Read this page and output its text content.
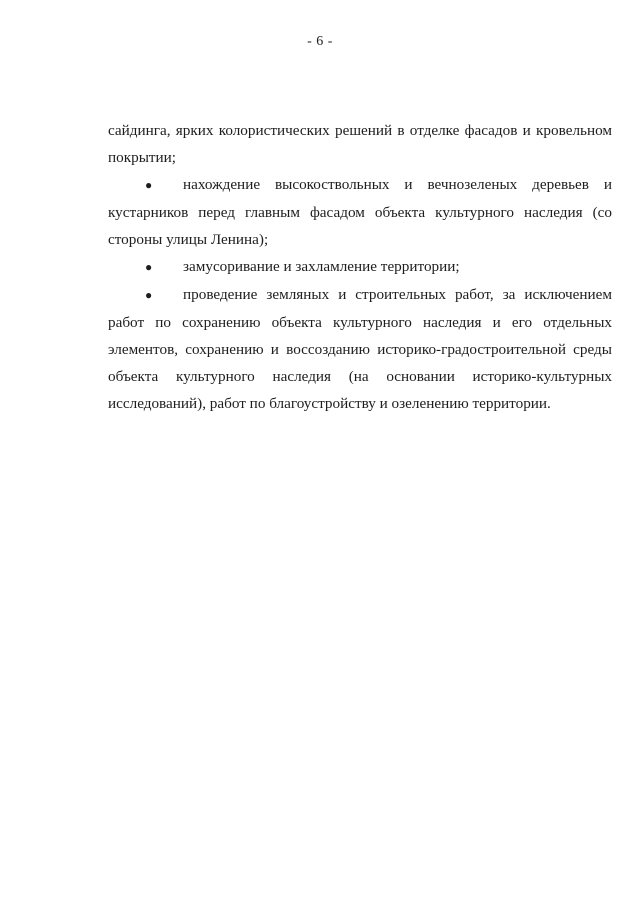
- 6 -

сайдинга, ярких колористических решений в отделке фасадов и кровельном покрытии;

● нахождение высокоствольных и вечнозеленых деревьев и кустарников перед главным фасадом объекта культурного наследия (со стороны улицы Ленина);

● замусоривание и захламление территории;

● проведение земляных и строительных работ, за исключением работ по сохранению объекта культурного наследия и его отдельных элементов, сохранению и воссозданию историко-градостроительной среды объекта культурного наследия (на основании историко-культурных исследований), работ по благоустройству и озеленению территории.
